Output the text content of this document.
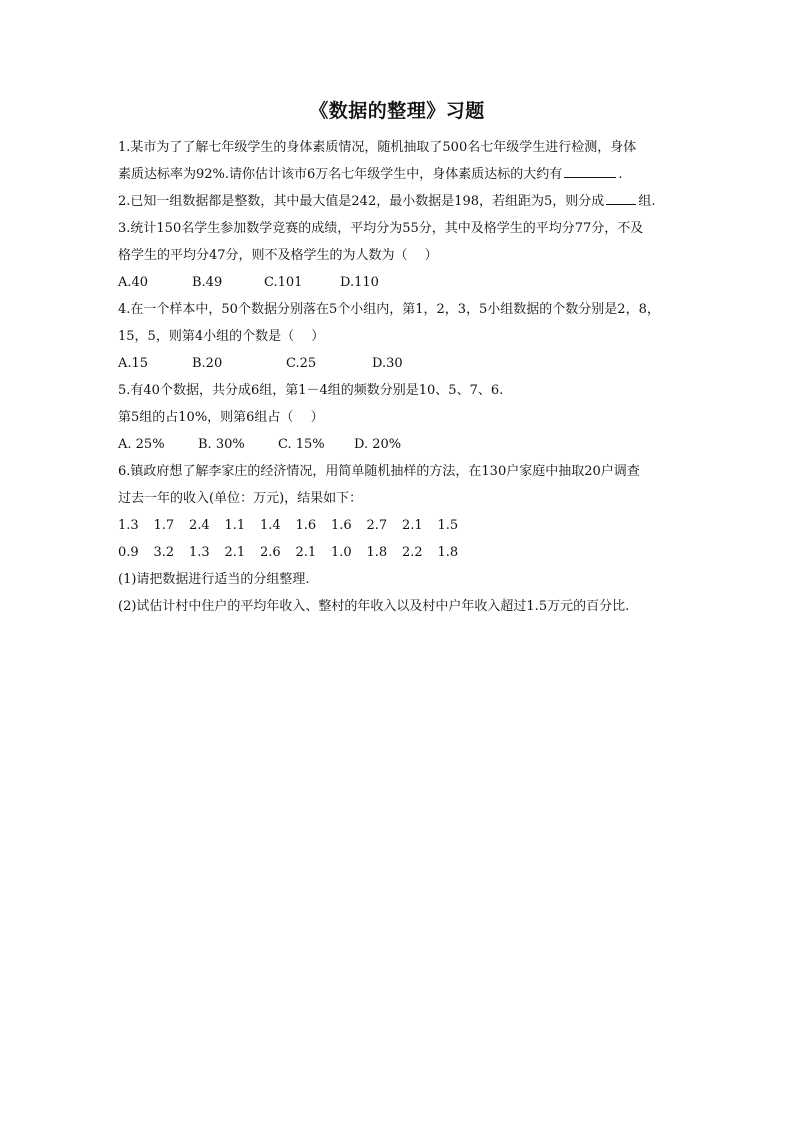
《数据的整理》习题
1.某市为了了解七年级学生的身体素质情况，随机抽取了500名七年级学生进行检测，身体
素质达标率为92%.请你估计该市6万名七年级学生中，身体素质达标的大约有	.
2.已知一组数据都是整数，其中最大值是242，最小数据是198，若组距为5，则分成	组.
3.统计150名学生参加数学竞赛的成绩，平均分为55分，其中及格学生的平均分77分，不及
格学生的平均分47分，则不及格学生的为人数为（　 ）
A.40	B.49	C.101	D.110
4.在一个样本中，50个数据分别落在5个小组内，第1，2，3，5小组数据的个数分别是2，8，
15，5，则第4小组的个数是（　 ）
A.15	B.20	C.25	D.30
5.有40个数据，共分成6组，第1－4组的频数分别是10、5、7、6.
第5组的占10%，则第6组占（　 ）
A. 25%	B. 30%	C. 15%	D. 20%
6.镇政府想了解李家庄的经济情况，用简单随机抽样的方法，在130户家庭中抽取20户调查
过去一年的收入(单位：万元)，结果如下：
1.3	1.7	2.4	1.1	1.4	1.6	1.6	2.7	2.1	1.5
0.9	3.2	1.3	2.1	2.6	2.1	1.0	1.8	2.2	1.8
(1)请把数据进行适当的分组整理.
(2)试估计村中住户的平均年收入、整村的年收入以及村中户年收入超过1.5万元的百分比.
